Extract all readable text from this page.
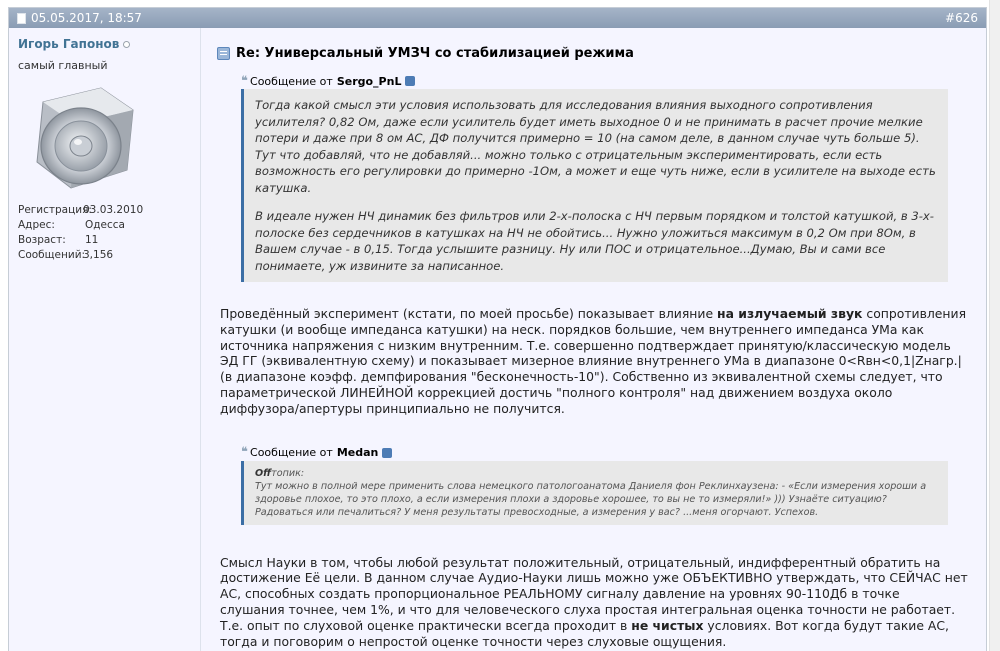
05.05.2017, 18:57	#626
Игорь Гапонов
самый главный
Регистрация:
03.03.2010
Адрес:	Одесса
Возраст:	11
Сообщений:
3,156
Re: Универсальный УМЗЧ со стабилизацией режима
❛❛ Сообщение от Sergo_PnL

Тогда какой смысл эти условия использовать для исследования влияния выходного сопротивления усилителя? 0,82 Ом, даже если усилитель будет иметь выходное 0 и не принимать в расчет прочие мелкие потери и даже при 8 ом АС, ДФ получится примерно = 10 (на самом деле, в данном случае чуть больше 5). Тут что добавляй, что не добавляй... можно только с отрицательным экспериментировать, если есть возможность его регулировки до примерно -1Ом, а может и еще чуть ниже, если в усилителе на выходе есть катушка.

В идеале нужен НЧ динамик без фильтров или 2-х-полоска с НЧ первым порядком и толстой катушкой, в 3-х-полоске без сердечников в катушках на НЧ не обойтись... Нужно уложиться максимум в 0,2 Ом при 8Ом, в Вашем случае - в 0,15. Тогда услышите разницу. Ну или ПОС и отрицательное...Думаю, Вы и сами все понимаете, уж извините за написанное.

Проведённый эксперимент (кстати, по моей просьбе) показывает влияние на излучаемый звук сопротивления катушки (и вообще импеданса катушки) на неск. порядков большие, чем внутреннего импеданса УМа как источника напряжения с низким внутренним. Т.е. совершенно подтверждает принятую/классическую модель ЭД ГГ (эквивалентную схему) и показывает мизерное влияние внутреннего УМа в диапазоне 0<Rвн<0,1|Zнагр.| (в диапазоне коэфф. демпфирования "бесконечность-10"). Собственно из эквивалентной схемы следует, что параметрической ЛИНЕЙНОЙ коррекцией достичь "полного контроля" над движением воздуха около диффузора/апертуры принципиально не получится.
❛❛ Сообщение от Medan
Offтопик:
Тут можно в полной мере применить слова немецкого патологоанатома Даниеля фон Реклинхаузена: - «Если измерения хороши а здоровье плохое, то это плохо, а если измерения плохи а здоровье хорошее, то вы не то измеряли!» ))) Узнаёте ситуацию? Радоваться или печалиться? У меня результаты превосходные, а измерения у вас? ...меня огорчают. Успехов.
Смысл Науки в том, чтобы любой результат положительный, отрицательный, индифферентный обратить на достижение Её цели. В данном случае Аудио-Науки лишь можно уже ОБЪЕКТИВНО утверждать, что СЕЙЧАС нет АС, способных создать пропорциональное РЕАЛЬНОМУ сигналу давление на уровнях 90-110Дб в точке слушания точнее, чем 1%, и что для человеческого слуха простая интегральная оценка точности не работает. Т.е. опыт по слуховой оценке практически всегда проходит в не чистых условиях. Вот когда будут такие АС, тогда и поговорим о непростой оценке точности через слуховые ощущения.
